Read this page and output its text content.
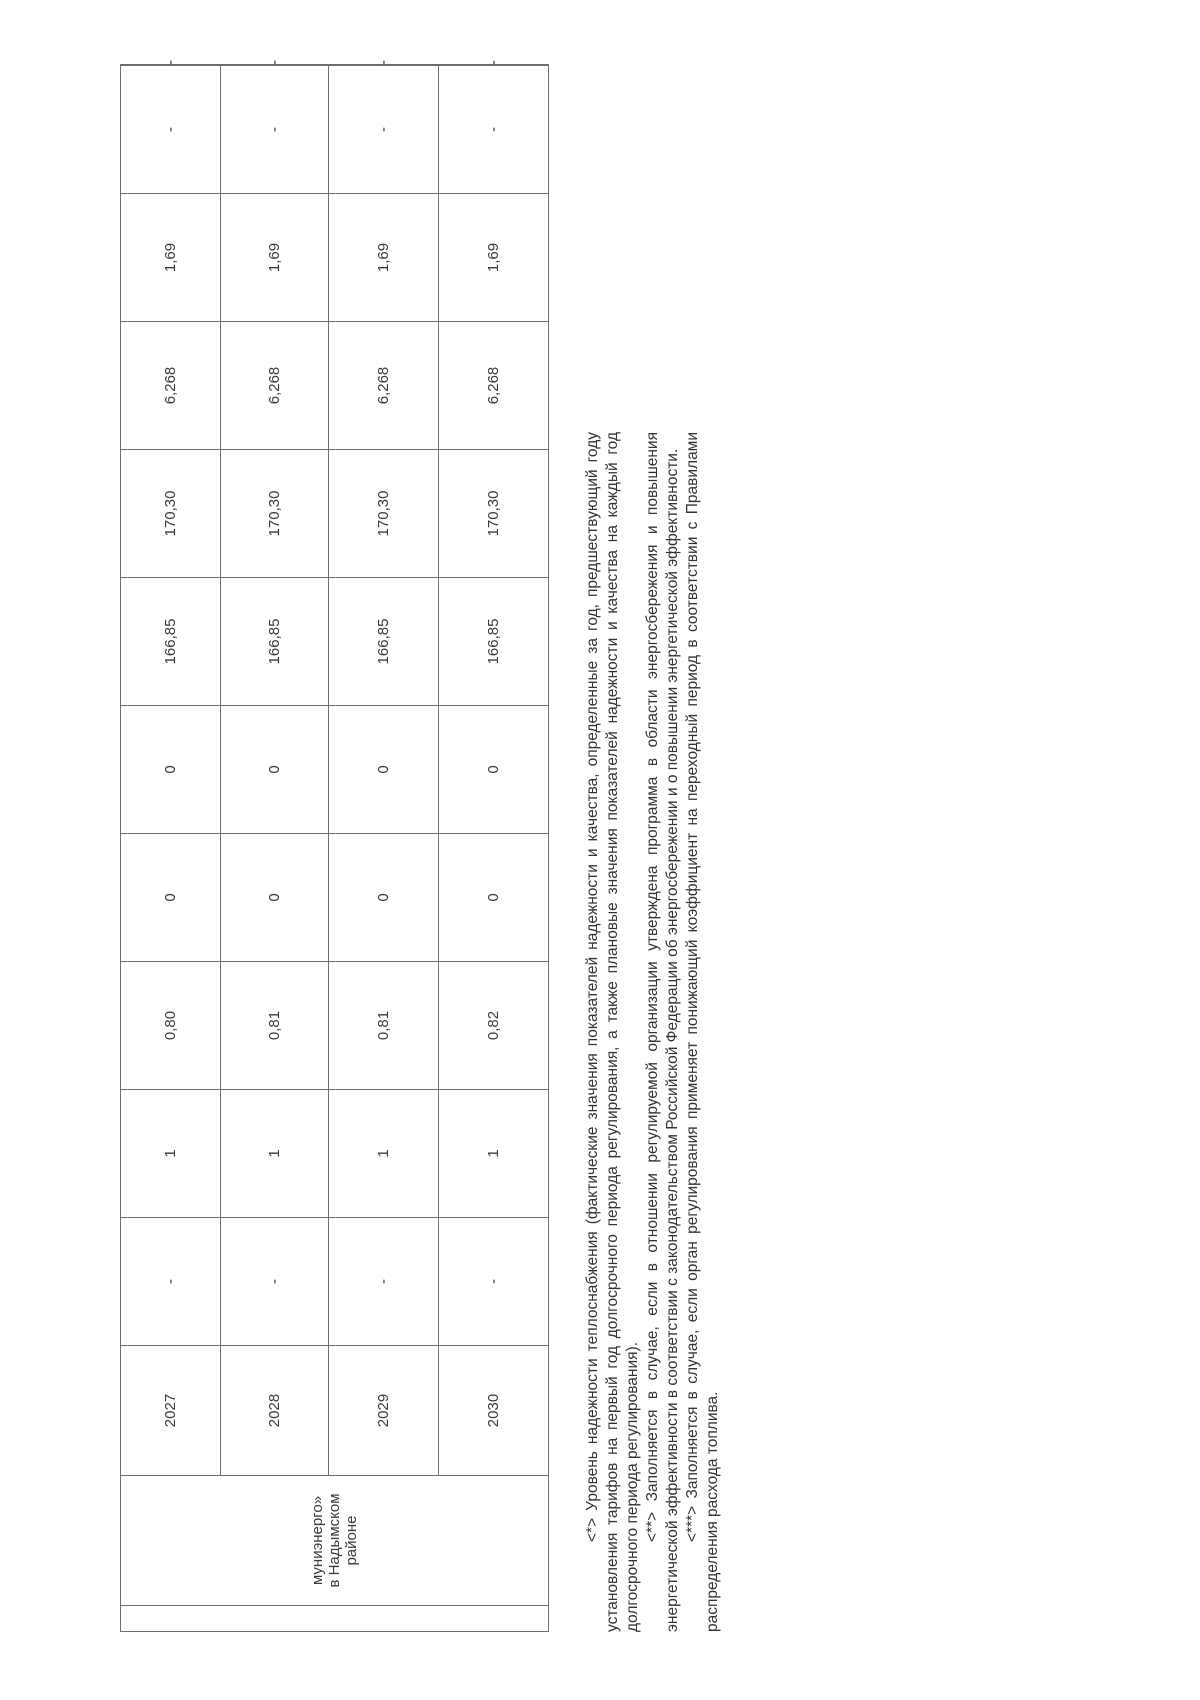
	муниэнерго» в Надымском районе	2027	-	1	0,80	0	0	166,85	170,30	6,268	1,69	-	-
		2028	-	1	0,81	0	0	166,85	170,30	6,268	1,69	-	-
		2029	-	1	0,81	0	0	166,85	170,30	6,268	1,69	-	-
		2030	-	1	0,82	0	0	166,85	170,30	6,268	1,69	-	-

<*> Уровень надежности теплоснабжения (фактические значения показателей надежности и качества, определенные за год, предшествующий году установления тарифов на первый год долгосрочного периода регулирования, а также плановые значения показателей надежности и качества на каждый год долгосрочного периода регулирования). <**> Заполняется в случае, если в отношении регулируемой организации утверждена программа в области энергосбережения и повышения энергетической эффективности в соответствии с законодательством Российской Федерации об энергосбережении и о повышении энергетической эффективности. <***> Заполняется в случае, если орган регулирования применяет понижающий коэффициент на переходный период в соответствии с Правилами распределения расхода топлива.
